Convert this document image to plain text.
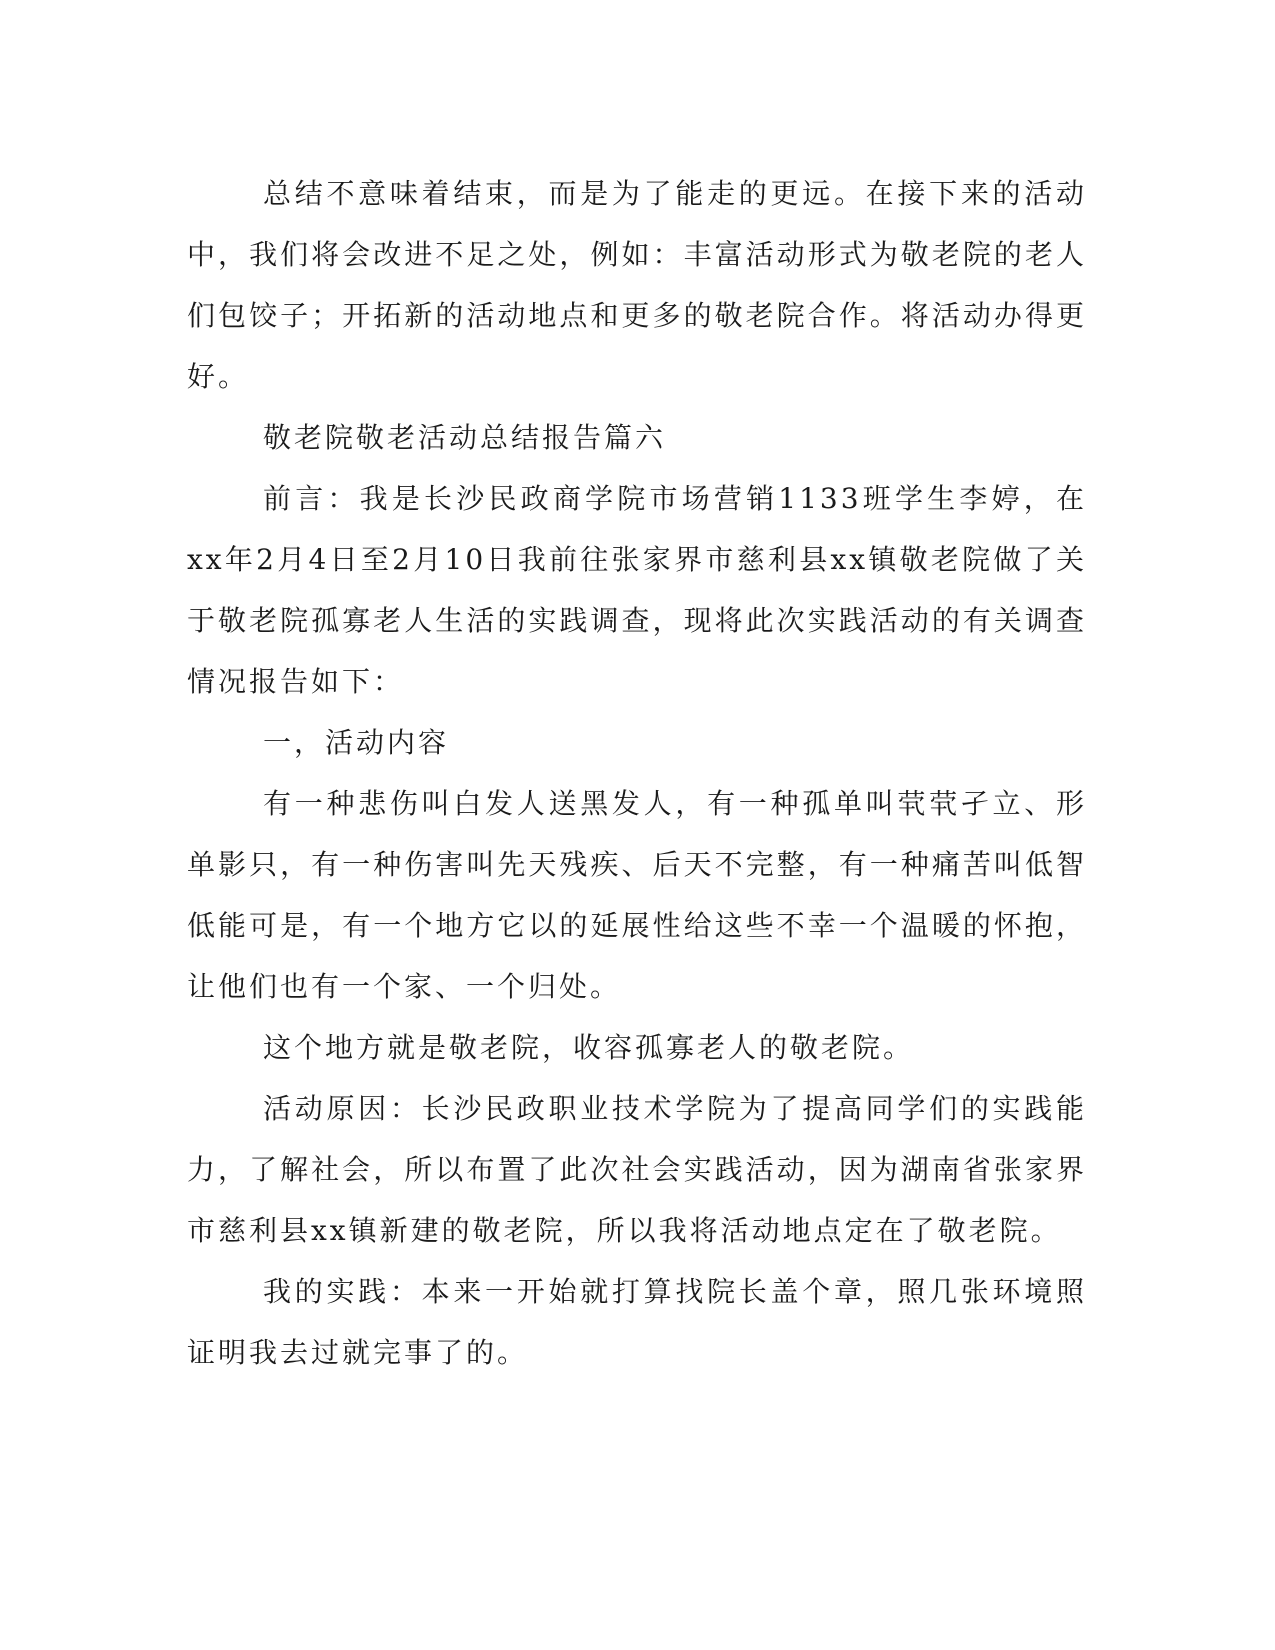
总结不意味着结束，而是为了能走的更远。在接下来的活动中，我们将会改进不足之处，例如：丰富活动形式为敬老院的老人们包饺子；开拓新的活动地点和更多的敬老院合作。将活动办得更好。

敬老院敬老活动总结报告篇六

前言：我是长沙民政商学院市场营销1133班学生李婷，在xx年2月4日至2月10日我前往张家界市慈利县xx镇敬老院做了关于敬老院孤寡老人生活的实践调查，现将此次实践活动的有关调查情况报告如下：

一，活动内容

有一种悲伤叫白发人送黑发人，有一种孤单叫茕茕孑立、形单影只，有一种伤害叫先天残疾、后天不完整，有一种痛苦叫低智低能可是，有一个地方它以的延展性给这些不幸一个温暖的怀抱，让他们也有一个家、一个归处。

这个地方就是敬老院，收容孤寡老人的敬老院。

活动原因：长沙民政职业技术学院为了提高同学们的实践能力，了解社会，所以布置了此次社会实践活动，因为湖南省张家界市慈利县xx镇新建的敬老院，所以我将活动地点定在了敬老院。

我的实践：本来一开始就打算找院长盖个章，照几张环境照证明我去过就完事了的。
